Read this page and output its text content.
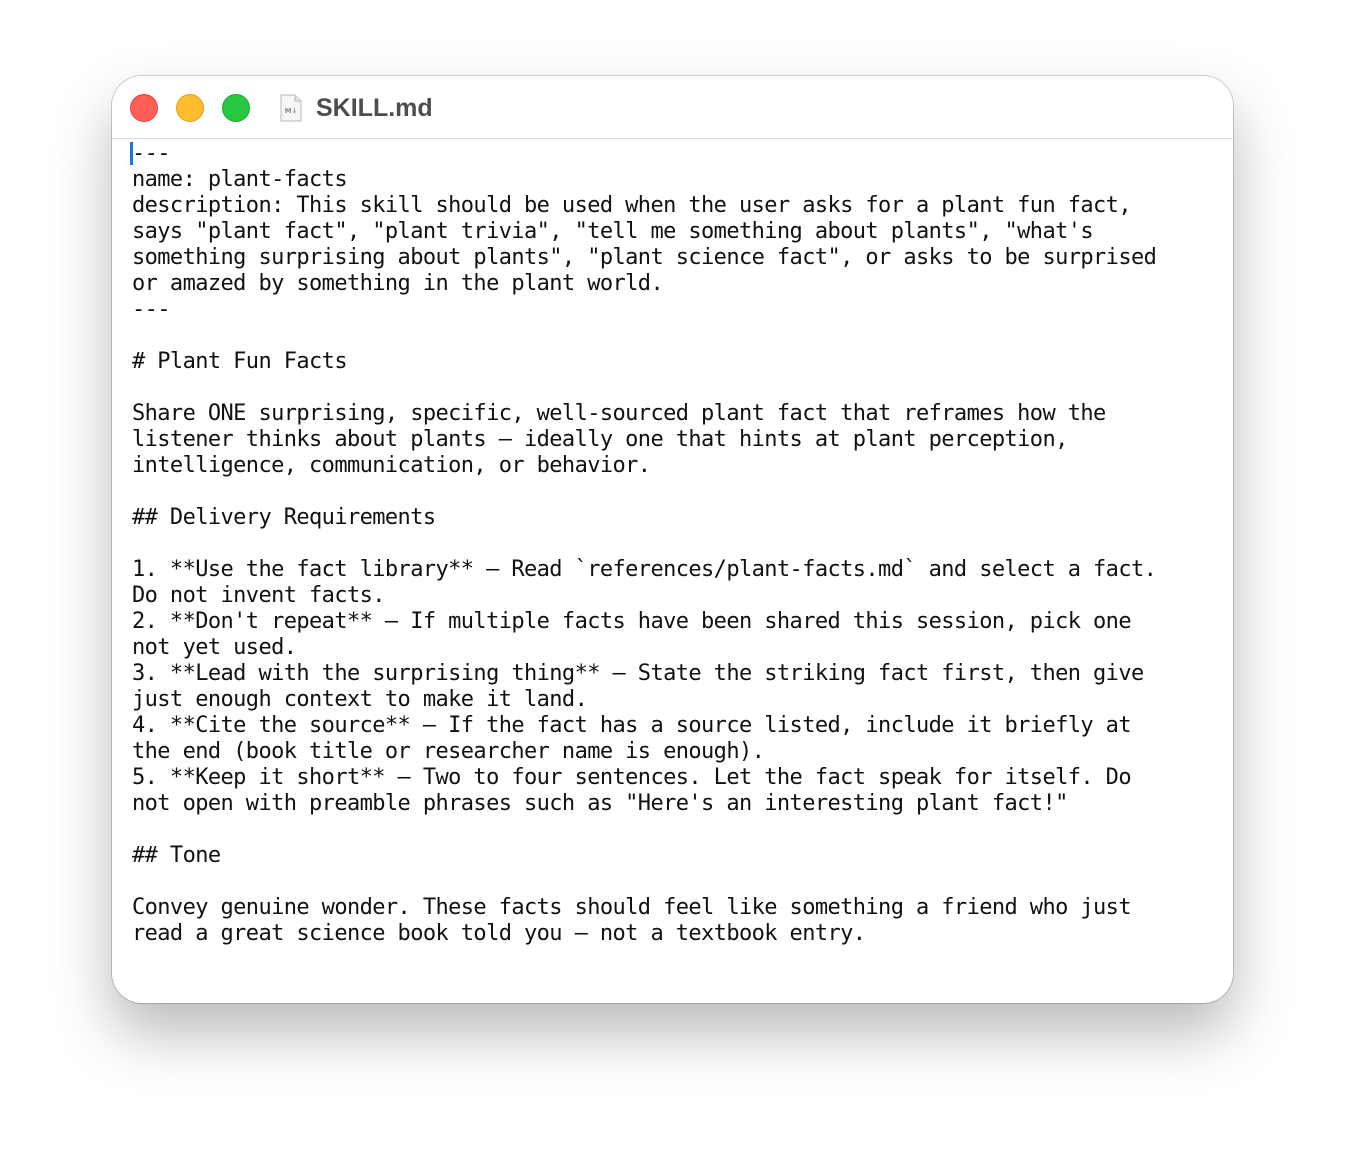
M↓ SKILL.md
---
name: plant-facts
description: This skill should be used when the user asks for a plant fun fact,
says "plant fact", "plant trivia", "tell me something about plants", "what's
something surprising about plants", "plant science fact", or asks to be surprised
or amazed by something in the plant world.
---
# Plant Fun Facts
Share ONE surprising, specific, well-sourced plant fact that reframes how the
listener thinks about plants — ideally one that hints at plant perception,
intelligence, communication, or behavior.
## Delivery Requirements
1. **Use the fact library** — Read `references/plant-facts.md` and select a fact.
Do not invent facts.
2. **Don't repeat** — If multiple facts have been shared this session, pick one
not yet used.
3. **Lead with the surprising thing** — State the striking fact first, then give
just enough context to make it land.
4. **Cite the source** — If the fact has a source listed, include it briefly at
the end (book title or researcher name is enough).
5. **Keep it short** — Two to four sentences. Let the fact speak for itself. Do
not open with preamble phrases such as "Here's an interesting plant fact!"
## Tone
Convey genuine wonder. These facts should feel like something a friend who just
read a great science book told you — not a textbook entry.
